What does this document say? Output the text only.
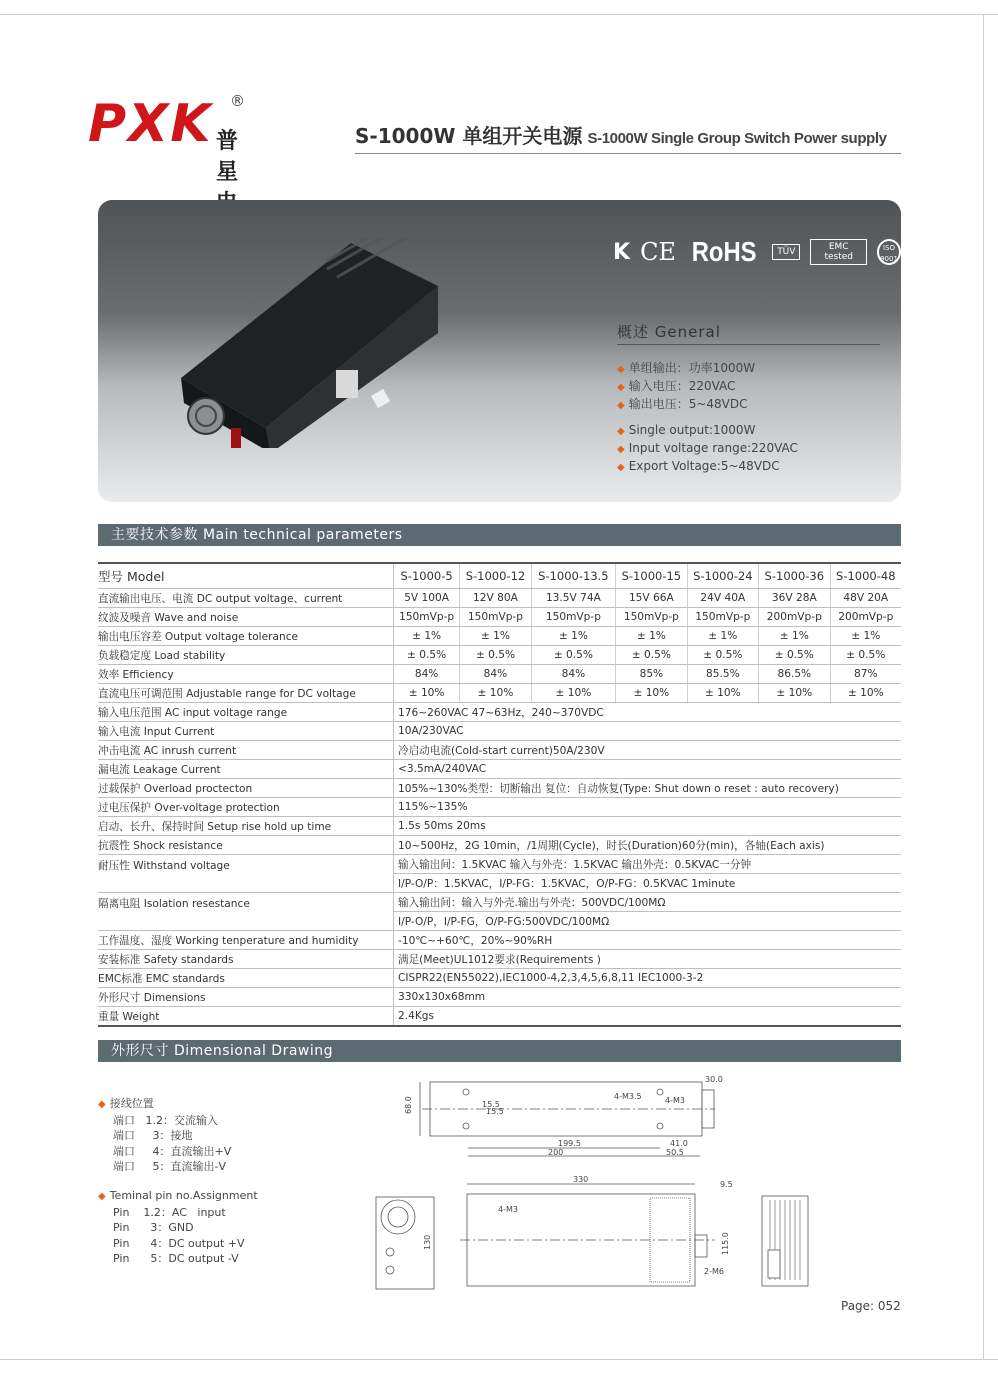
PXK ®
普星
S-1000W 单组开关电源 S-1000W Single Group Switch Power supply
K CE RoHS	TÜV	EMC tested
ISO 9001
概述 General
◆ 单组输出：功率1000W
◆ 输入电压：220VAC
◆ 输出电压：5~48VDC
◆ Single output:1000W
◆ Input voltage range:220VAC
◆ Export Voltage:5~48VDC
主要技术参数 Main technical parameters
型号 Model	S-1000-5	S-1000-12	S-1000-13.5	S-1000-15	S-1000-24	S-1000-36	S-1000-48
直流输出电压、电流 DC output voltage、current	5V 100A	12V 80A	13.5V 74A	15V 66A	24V 40A	36V 28A	48V 20A
纹波及噪音 Wave and noise	150mVp-p	150mVp-p	150mVp-p	150mVp-p	150mVp-p	200mVp-p	200mVp-p
输出电压容差 Output voltage tolerance	± 1%	± 1%	± 1%	± 1%	± 1%	± 1%	± 1%
负载稳定度 Load stability	± 0.5%	± 0.5%	± 0.5%	± 0.5%	± 0.5%	± 0.5%	± 0.5%
效率 Efficiency	84%	84%	84%	85%	85.5%	86.5%	87%
直流电压可调范围 Adjustable range for DC voltage	± 10%	± 10%	± 10%	± 10%	± 10%	± 10%	± 10%
输入电压范围 AC input voltage range	176~260VAC 47~63Hz，240~370VDC						
输入电流 Input Current	10A/230VAC						
冲击电流 AC inrush current	冷启动电流(Cold-start current)50A/230V						
漏电流 Leakage Current	<3.5mA/240VAC						
过载保护 Overload proctecton	105%~130%类型：切断输出 复位：自动恢复(Type: Shut down o reset : auto recovery)						
过电压保护 Over-voltage protection	115%~135%						
启动、长升、保持时间 Setup rise hold up time	1.5s 50ms 20ms						
抗震性 Shock resistance	10~500Hz，2G 10min，/1周期(Cycle)，时长(Duration)60分(min)，各轴(Each axis)						
耐压性 Withstand voltage	输入输出间：1.5KVAC 输入与外壳：1.5KVAC 输出外壳：0.5KVAC一分钟						
	I/P-O/P：1.5KVAC，I/P-FG：1.5KVAC，O/P-FG：0.5KVAC 1minute						
隔离电阻 Isolation resestance	输入输出间：输入与外壳.输出与外壳：500VDC/100MΩ						
	I/P-O/P，I/P-FG，O/P-FG:500VDC/100MΩ						
工作温度、湿度 Working tenperature and humidity	-10℃~+60℃，20%~90%RH						
安装标准 Safety standards	满足(Meet)UL1012要求(Requirements )						
EMC标准 EMC standards	CISPR22(EN55022),IEC1000-4,2,3,4,5,6,8,11 IEC1000-3-2						
外形尺寸 Dimensions	330x130x68mm						
重量 Weight	2.4Kgs						
外形尺寸 Dimensional Drawing
◆ 接线位置
端口   1.2：交流输入
端口     3：接地
端口     4：直流输出+V
端口     5：直流输出-V
◆ Teminal pin no.Assignment
Pin    1.2：AC   input
Pin      3：GND
Pin      4：DC output +V
Pin      5：DC output -V
68.0	4-M3.5	4-M3
30.0
15.5
15.5
199.5
200
41.0
50.5
130
330
9.5
4-M3
115.0
2-M6
Page: 052
